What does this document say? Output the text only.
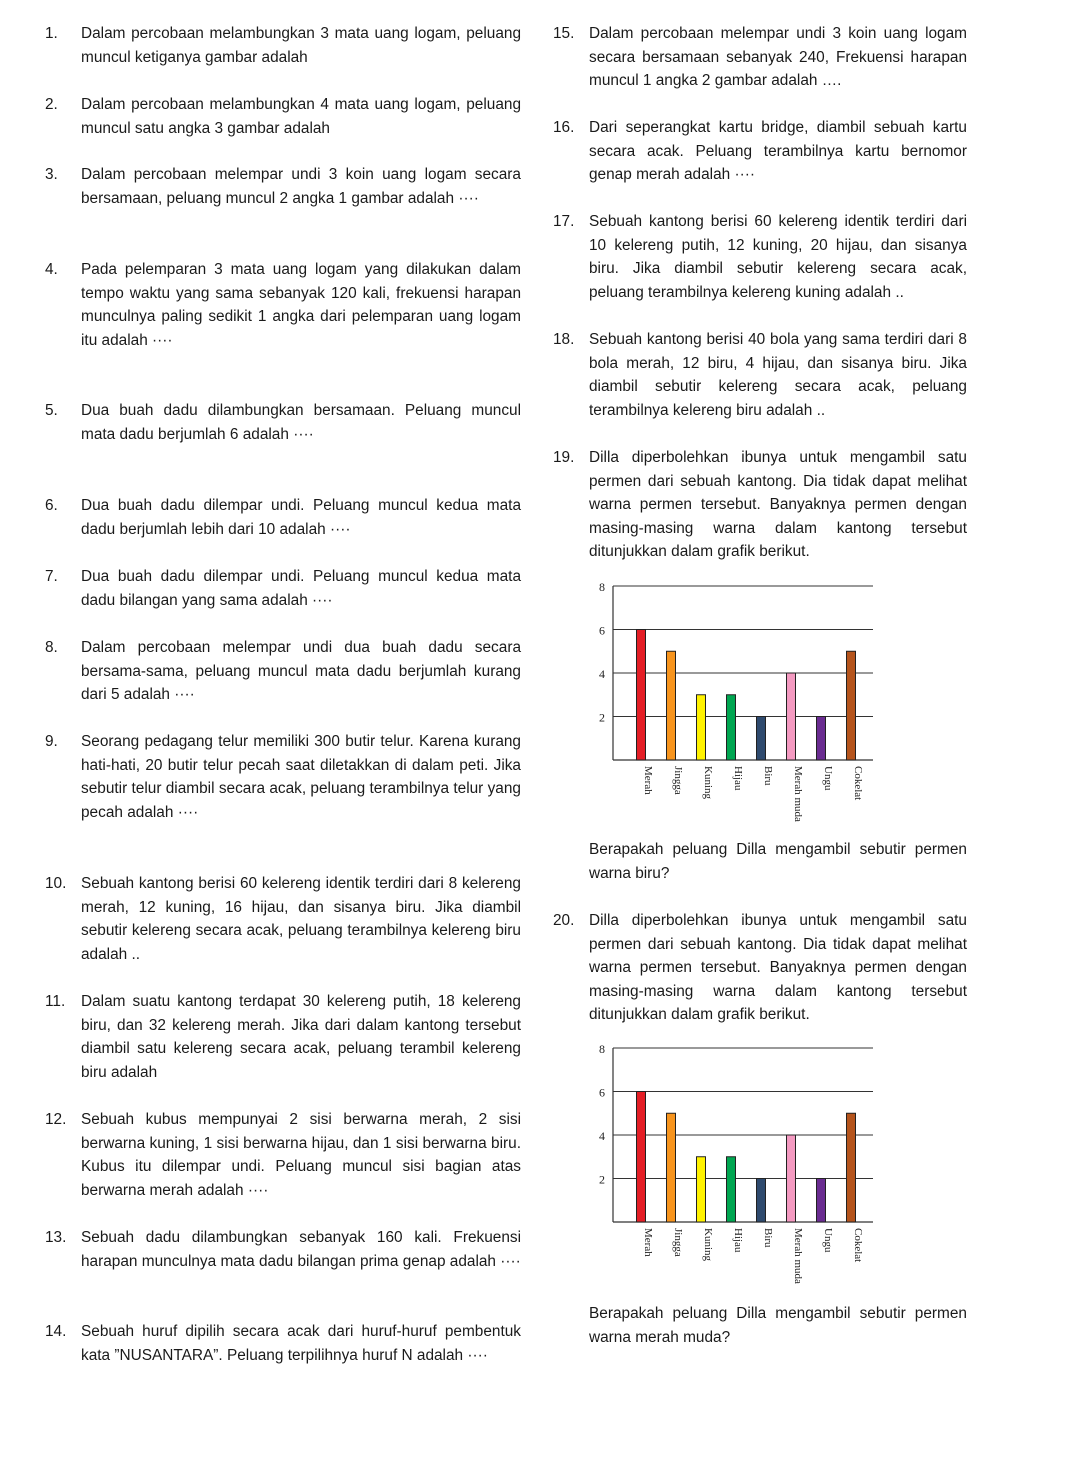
1. Dalam percobaan melambungkan 3 mata uang logam, peluang muncul ketiganya gambar adalah
2. Dalam percobaan melambungkan 4 mata uang logam, peluang muncul satu angka 3 gambar adalah
3. Dalam percobaan melempar undi 3 koin uang logam secara bersamaan, peluang muncul 2 angka 1 gambar adalah ····
4. Pada pelemparan 3 mata uang logam yang dilakukan dalam tempo waktu yang sama sebanyak 120 kali, frekuensi harapan munculnya paling sedikit 1 angka dari pelemparan uang logam itu adalah ····
5. Dua buah dadu dilambungkan bersamaan. Peluang muncul mata dadu berjumlah 6 adalah ····
6. Dua buah dadu dilempar undi. Peluang muncul kedua mata dadu berjumlah lebih dari 10 adalah ····
7. Dua buah dadu dilempar undi. Peluang muncul kedua mata dadu bilangan yang sama adalah ····
8. Dalam percobaan melempar undi dua buah dadu secara bersama-sama, peluang muncul mata dadu berjumlah kurang dari 5 adalah ····
9. Seorang pedagang telur memiliki 300 butir telur. Karena kurang hati-hati, 20 butir telur pecah saat diletakkan di dalam peti. Jika sebutir telur diambil secara acak, peluang terambilnya telur yang pecah adalah ····
10. Sebuah kantong berisi 60 kelereng identik terdiri dari 8 kelereng merah, 12 kuning, 16 hijau, dan sisanya biru. Jika diambil sebutir kelereng secara acak, peluang terambilnya kelereng biru adalah ..
11. Dalam suatu kantong terdapat 30 kelereng putih, 18 kelereng biru, dan 32 kelereng merah. Jika dari dalam kantong tersebut diambil satu kelereng secara acak, peluang terambil kelereng biru adalah
12. Sebuah kubus mempunyai 2 sisi berwarna merah, 2 sisi berwarna kuning, 1 sisi berwarna hijau, dan 1 sisi berwarna biru. Kubus itu dilempar undi. Peluang muncul sisi bagian atas berwarna merah adalah ····
13. Sebuah dadu dilambungkan sebanyak 160 kali. Frekuensi harapan munculnya mata dadu bilangan prima genap adalah ····
14. Sebuah huruf dipilih secara acak dari huruf-huruf pembentuk kata ”NUSANTARA”. Peluang terpilihnya huruf N adalah ····
15. Dalam percobaan melempar undi 3 koin uang logam secara bersamaan sebanyak 240, Frekuensi harapan muncul 1 angka 2 gambar adalah ….
16. Dari seperangkat kartu bridge, diambil sebuah kartu secara acak. Peluang terambilnya kartu bernomor genap merah adalah ····
17. Sebuah kantong berisi 60 kelereng identik terdiri dari 10 kelereng putih, 12 kuning, 20 hijau, dan sisanya biru. Jika diambil sebutir kelereng secara acak, peluang terambilnya kelereng kuning adalah ..
18. Sebuah kantong berisi 40 bola yang sama terdiri dari 8 bola merah, 12 biru, 4 hijau, dan sisanya biru. Jika diambil sebutir kelereng secara acak, peluang terambilnya kelereng biru adalah ..
19. Dilla diperbolehkan ibunya untuk mengambil satu permen dari sebuah kantong. Dia tidak dapat melihat warna permen tersebut. Banyaknya permen dengan masing-masing warna dalam kantong tersebut ditunjukkan dalam grafik berikut.
2
4
6
8
Merah Jingga Kuning Hijau Biru Merah muda Ungu Cokelat
Berapakah peluang Dilla mengambil sebutir permen warna biru?
20. Dilla diperbolehkan ibunya untuk mengambil satu permen dari sebuah kantong. Dia tidak dapat melihat warna permen tersebut. Banyaknya permen dengan masing-masing warna dalam kantong tersebut ditunjukkan dalam grafik berikut.
2
4
6
8
Merah Jingga Kuning Hijau Biru Merah muda Ungu Cokelat
Berapakah peluang Dilla mengambil sebutir permen warna merah muda?
